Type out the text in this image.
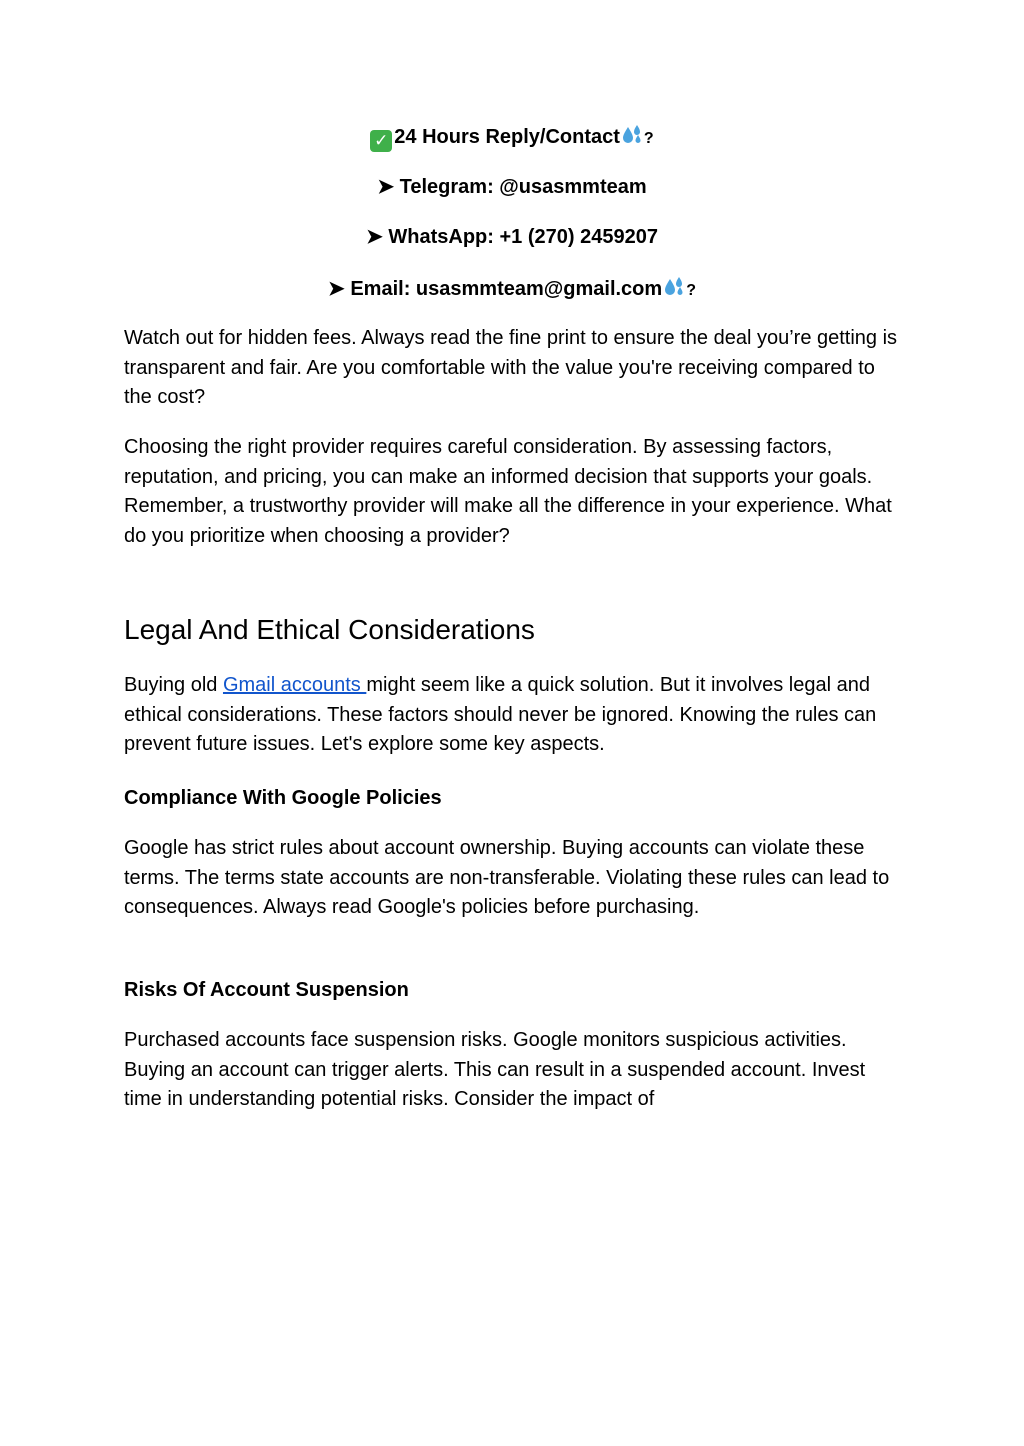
✓ 24 Hours Reply/Contact ?
➤ Telegram: @usasmmteam
➤ WhatsApp: +1 (270) 2459207
➤ Email: usasmmteam@gmail.com ?

Watch out for hidden fees. Always read the fine print to ensure the deal you’re getting is transparent and fair. Are you comfortable with the value you're receiving compared to the cost?

Choosing the right provider requires careful consideration. By assessing factors, reputation, and pricing, you can make an informed decision that supports your goals. Remember, a trustworthy provider will make all the difference in your experience. What do you prioritize when choosing a provider?

Legal And Ethical Considerations

Buying old Gmail accounts might seem like a quick solution. But it involves legal and ethical considerations. These factors should never be ignored. Knowing the rules can prevent future issues. Let's explore some key aspects.

Compliance With Google Policies

Google has strict rules about account ownership. Buying accounts can violate these terms. The terms state accounts are non-transferable. Violating these rules can lead to consequences. Always read Google's policies before purchasing.

Risks Of Account Suspension

Purchased accounts face suspension risks. Google monitors suspicious activities. Buying an account can trigger alerts. This can result in a suspended account. Invest time in understanding potential risks. Consider the impact of
